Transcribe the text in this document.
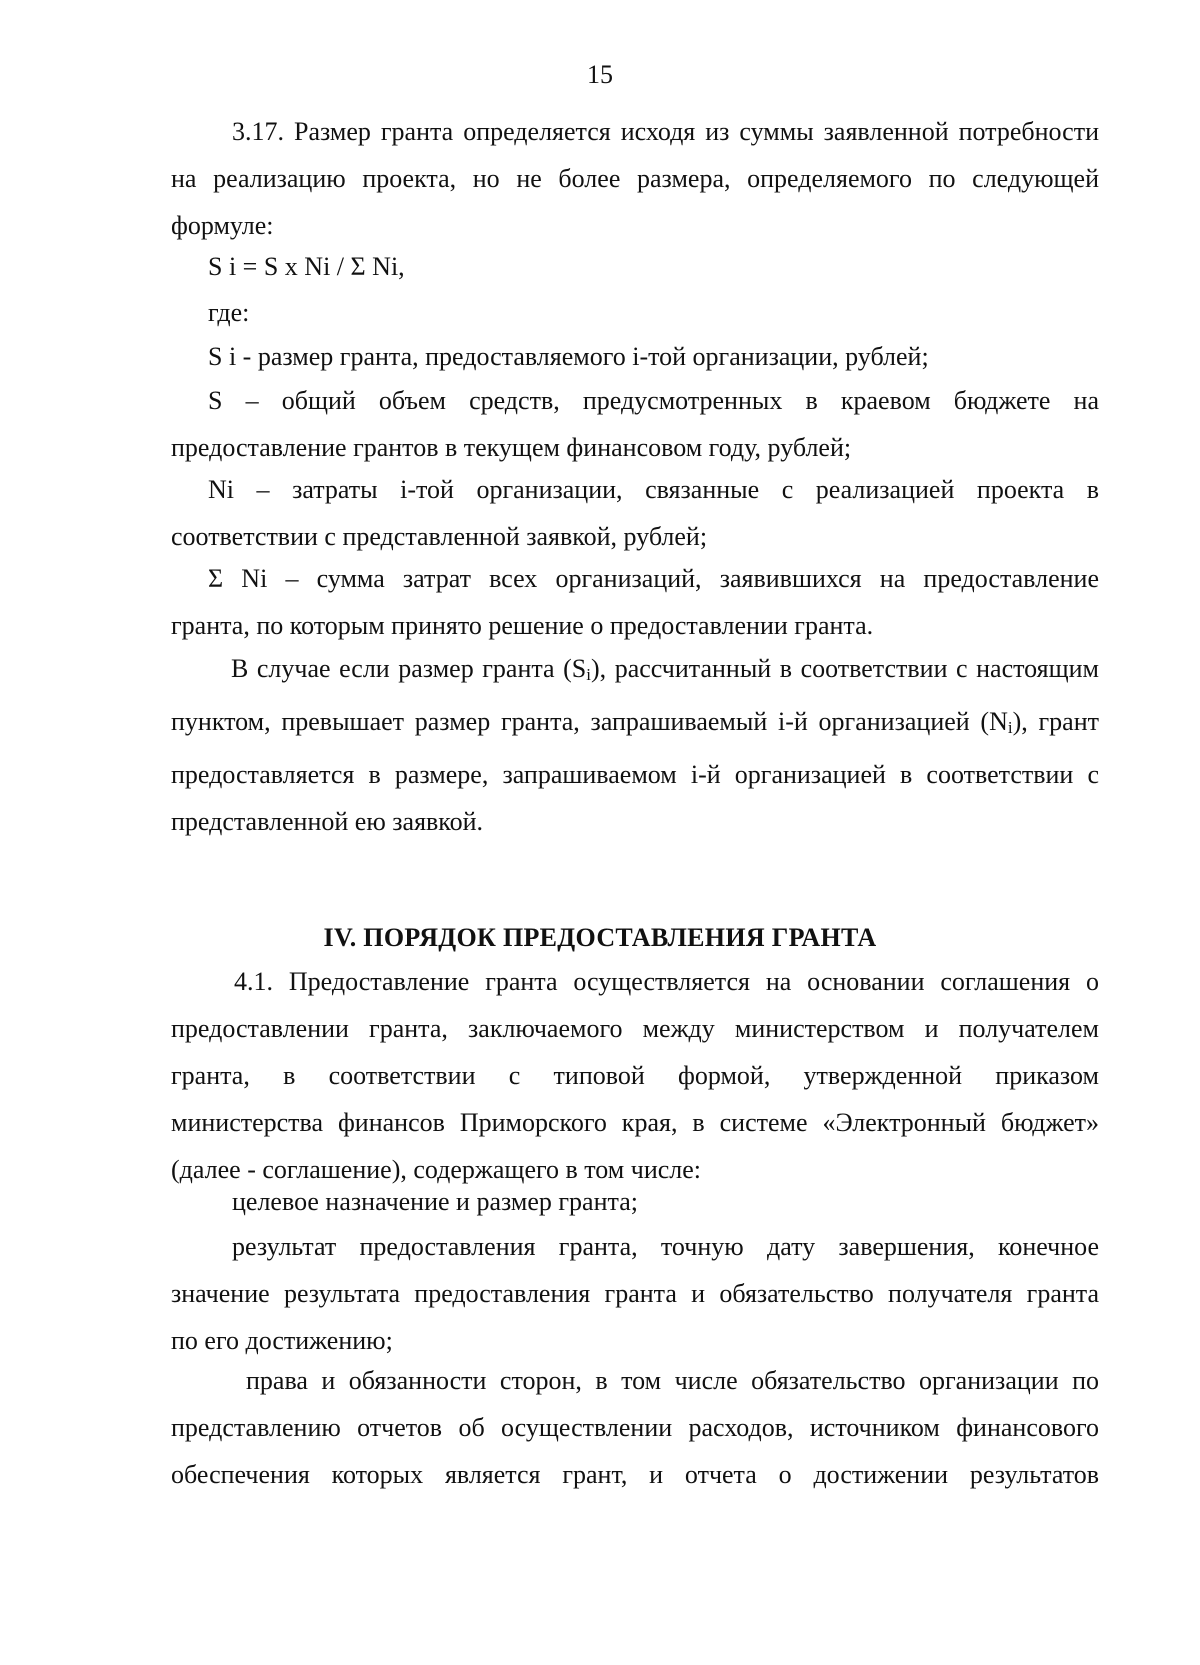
15
3.17. Размер гранта определяется исходя из суммы заявленной потребности
на реализацию проекта, но не более размера, определяемого по следующей
формуле:
S i = S x Ni / Σ Ni,
где:
S i - размер гранта, предоставляемого i-той организации, рублей;
S – общий объем средств, предусмотренных в краевом бюджете на
предоставление грантов в текущем финансовом году, рублей;
Ni – затраты i-той организации, связанные с реализацией проекта в
соответствии с представленной заявкой, рублей;
Σ Ni – сумма затрат всех организаций, заявившихся на предоставление
гранта, по которым принято решение о предоставлении гранта.
В случае если размер гранта (Si), рассчитанный в соответствии с настоящим
пунктом, превышает размер гранта, запрашиваемый i-й организацией (Ni), грант
предоставляется в размере, запрашиваемом i-й организацией в соответствии с
представленной ею заявкой.
IV. ПОРЯДОК ПРЕДОСТАВЛЕНИЯ ГРАНТА
4.1. Предоставление гранта осуществляется на основании соглашения о
предоставлении гранта, заключаемого между министерством и получателем
гранта, в соответствии с типовой формой, утвержденной приказом
министерства финансов Приморского края, в системе «Электронный бюджет»
(далее - соглашение), содержащего в том числе:
целевое назначение и размер гранта;
результат предоставления гранта, точную дату завершения, конечное
значение результата предоставления гранта и обязательство получателя гранта
по его достижению;
права и обязанности сторон, в том числе обязательство организации по
представлению отчетов об осуществлении расходов, источником финансового
обеспечения которых является грант, и отчета о достижении результатов
